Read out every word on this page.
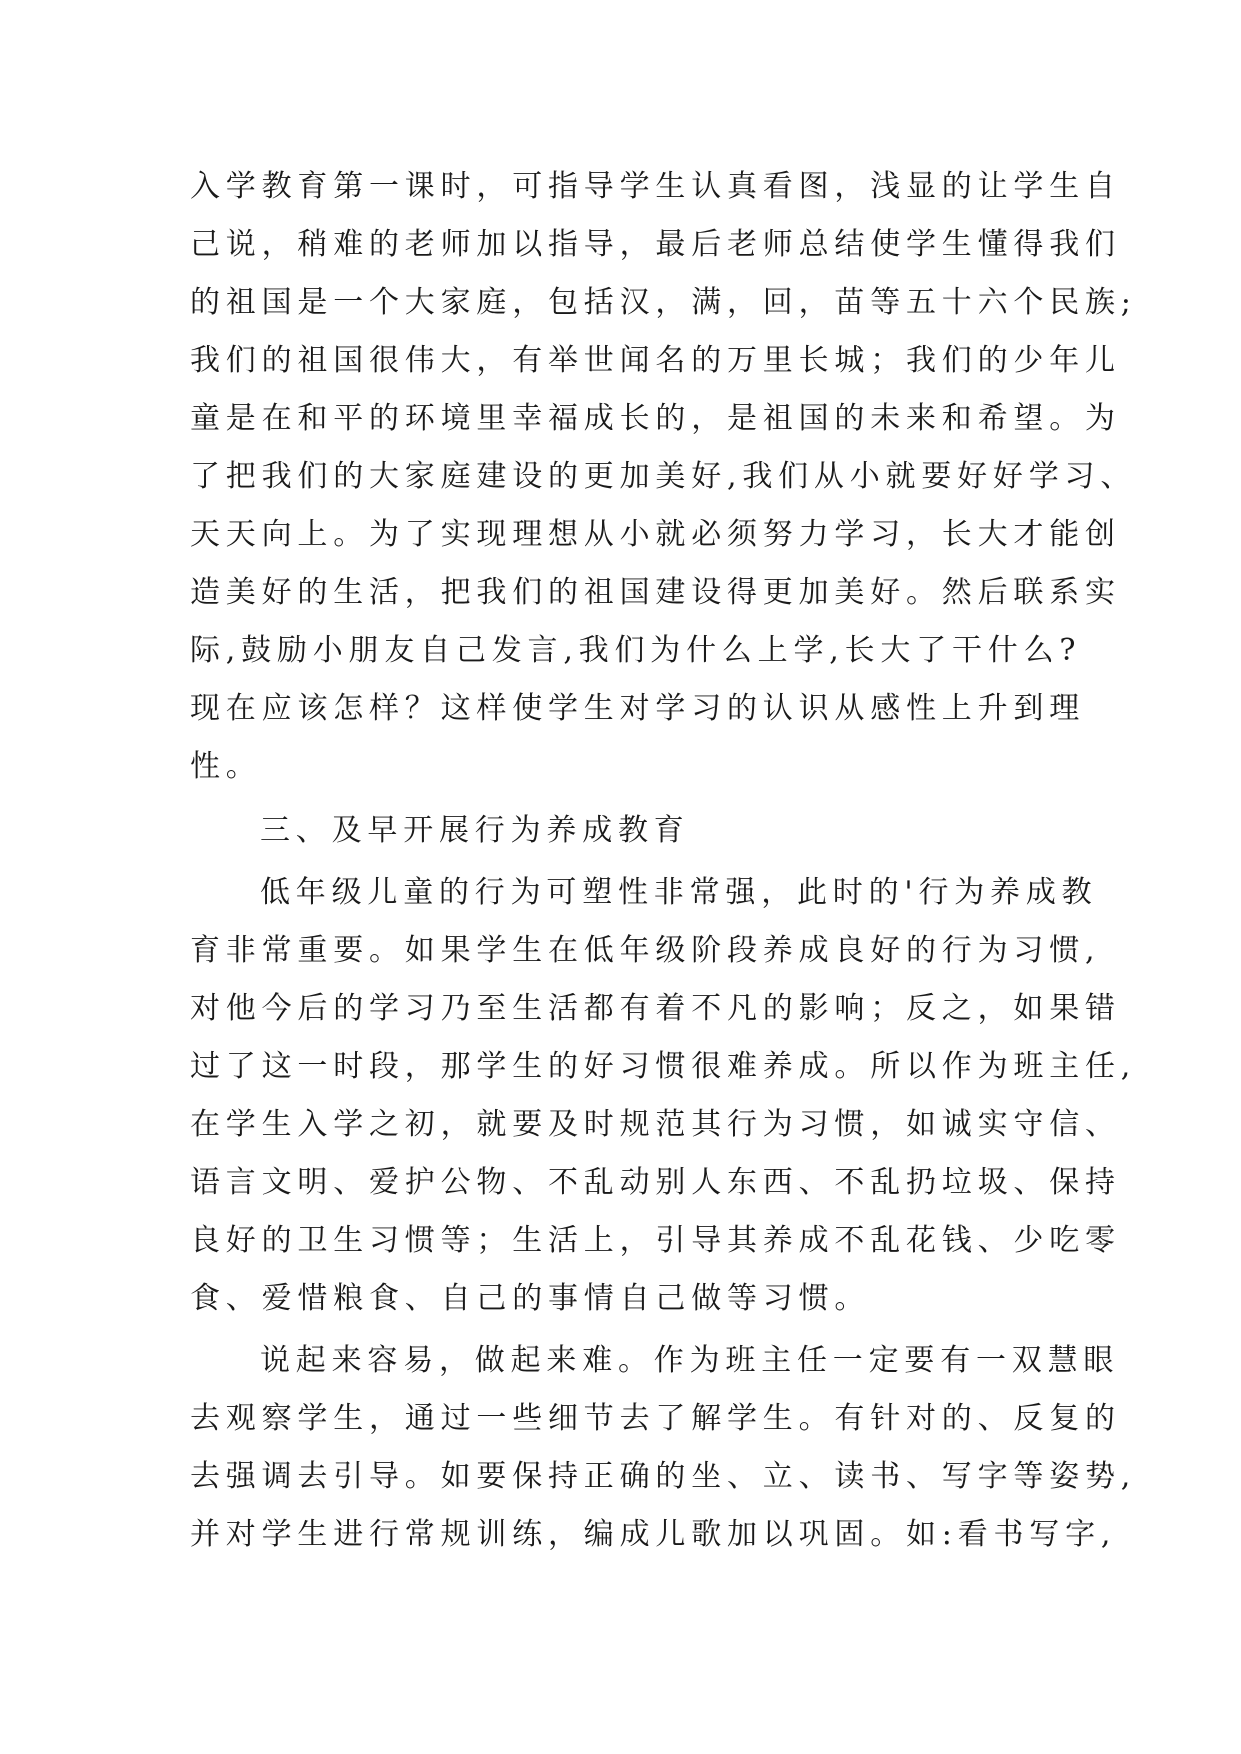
入学教育第一课时，可指导学生认真看图，浅显的让学生自
己说，稍难的老师加以指导，最后老师总结使学生懂得我们
的祖国是一个大家庭，包括汉，满，回，苗等五十六个民族;
我们的祖国很伟大，有举世闻名的万里长城；我们的少年儿
童是在和平的环境里幸福成长的，是祖国的未来和希望。为
了把我们的大家庭建设的更加美好,我们从小就要好好学习、
天天向上。为了实现理想从小就必须努力学习，长大才能创
造美好的生活，把我们的祖国建设得更加美好。然后联系实
际,鼓励小朋友自己发言,我们为什么上学,长大了干什么?
现在应该怎样？这样使学生对学习的认识从感性上升到理
性。
三、及早开展行为养成教育
低年级儿童的行为可塑性非常强，此时的'行为养成教
育非常重要。如果学生在低年级阶段养成良好的行为习惯,
对他今后的学习乃至生活都有着不凡的影响；反之，如果错
过了这一时段，那学生的好习惯很难养成。所以作为班主任,
在学生入学之初，就要及时规范其行为习惯，如诚实守信、
语言文明、爱护公物、不乱动别人东西、不乱扔垃圾、保持
良好的卫生习惯等；生活上，引导其养成不乱花钱、少吃零
食、爱惜粮食、自己的事情自己做等习惯。
说起来容易，做起来难。作为班主任一定要有一双慧眼
去观察学生，通过一些细节去了解学生。有针对的、反复的
去强调去引导。如要保持正确的坐、立、读书、写字等姿势,
并对学生进行常规训练，编成儿歌加以巩固。如:看书写字,
